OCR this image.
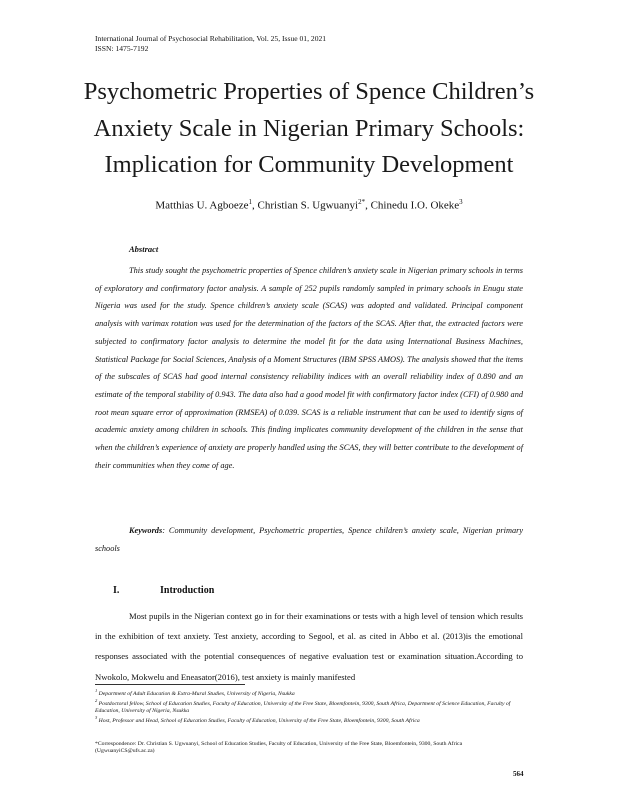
International Journal of Psychosocial Rehabilitation, Vol. 25, Issue 01, 2021
ISSN: 1475-7192
Psychometric Properties of Spence Children’s
Anxiety Scale in Nigerian Primary Schools:
Implication for Community Development
Matthias U. Agboeze$^1$, Christian S. Ugwuanyi$^{2*}$, Chinedu I.O. Okeke$^3$
Abstract
This study sought the psychometric properties of Spence children’s anxiety scale in Nigerian primary schools in terms of exploratory and confirmatory factor analysis. A sample of 252 pupils randomly sampled in primary schools in Enugu state Nigeria was used for the study. Spence children’s anxiety scale (SCAS) was adopted and validated. Principal component analysis with varimax rotation was used for the determination of the factors of the SCAS. After that, the extracted factors were subjected to confirmatory factor analysis to determine the model fit for the data using International Business Machines, Statistical Package for Social Sciences, Analysis of a Moment Structures (IBM SPSS AMOS). The analysis showed that the items of the subscales of SCAS had good internal consistency reliability indices with an overall reliability index of 0.890 and an estimate of the temporal stability of 0.943. The data also had a good model fit with confirmatory factor index (CFI) of 0.980 and root mean square error of approximation (RMSEA) of 0.039. SCAS is a reliable instrument that can be used to identify signs of academic anxiety among children in schools. This finding implicates community development of the children in the sense that when the children’s experience of anxiety are properly handled using the SCAS, they will better contribute to the development of their communities when they come of age.
Keywords: Community development, Psychometric properties, Spence children’s anxiety scale, Nigerian primary schools
I.	Introduction
Most pupils in the Nigerian context go in for their examinations or tests with a high level of tension which results in the exhibition of text anxiety. Test anxiety, according to Segool, et al. as cited in Abbo et al. (2013)is the emotional responses associated with the potential consequences of negative evaluation test or examination situation.According to Nwokolo, Mokwelu and Eneasator(2016), test anxiety is mainly manifested
$^1$ Department of Adult Education & Extra-Mural Studies, University of Nigeria, Nsukka
$^2$ Postdoctoral fellow, School of Education Studies, Faculty of Education, University of the Free State, Bloemfontein, 9300, South Africa, Department of Science Education, Faculty of Education, University of Nigeria, Nsukka
$^3$ Host, Professor and Head, School of Education Studies, Faculty of Education, University of the Free State, Bloemfontein, 9300, South Africa
*Correspondence: Dr. Christian S. Ugwuanyi, School of Education Studies, Faculty of Education, University of the Free State, Bloemfontein, 9300, South Africa (UgwuanyiCS@ufs.ac.za)
564
